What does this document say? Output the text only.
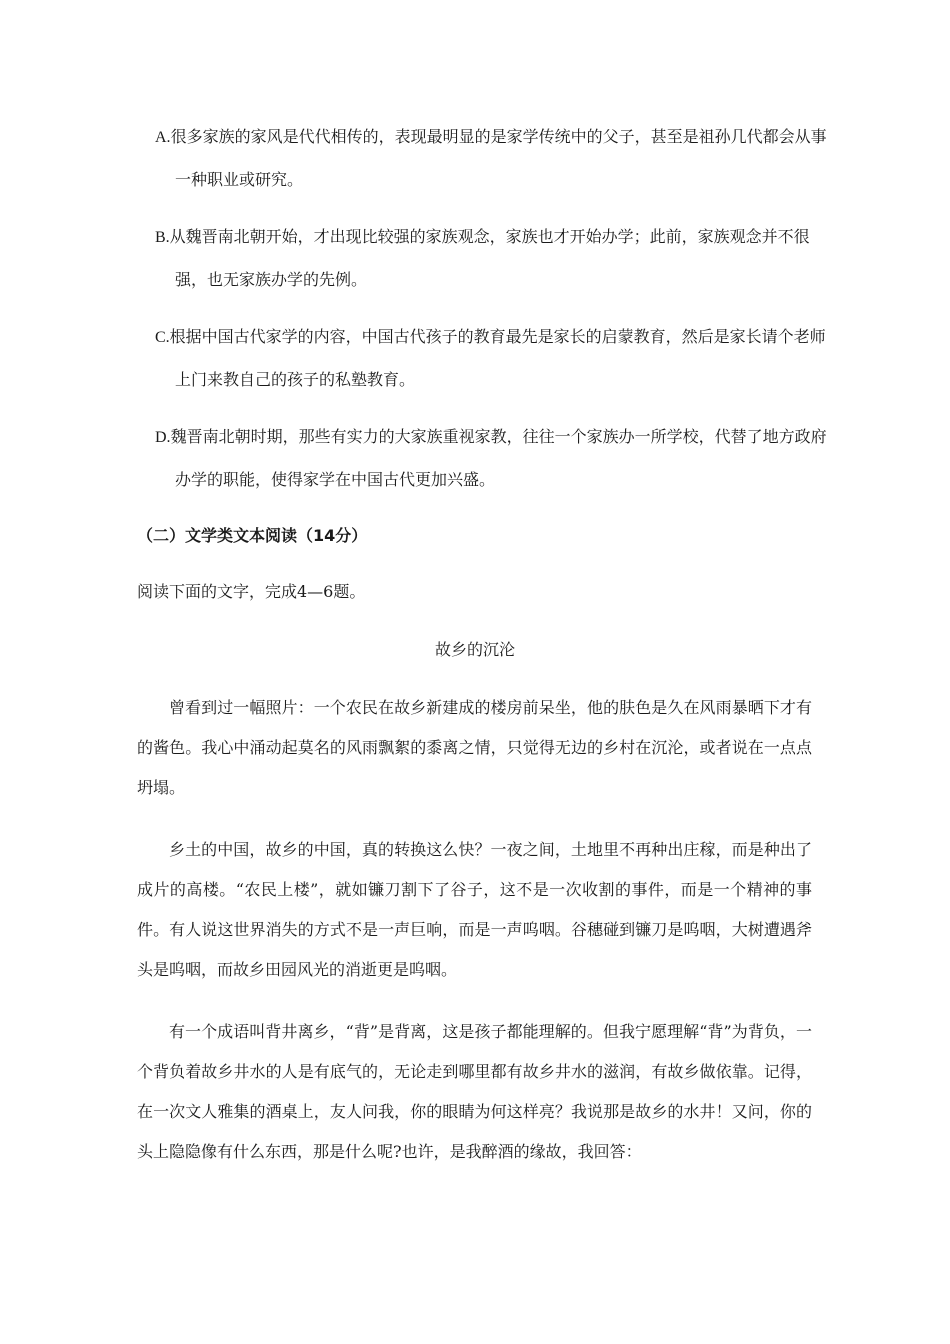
A.很多家族的家风是代代相传的，表现最明显的是家学传统中的父子，甚至是祖孙几代都会从事一种职业或研究。
B.从魏晋南北朝开始，才出现比较强的家族观念，家族也才开始办学；此前，家族观念并不很强，也无家族办学的先例。
C.根据中国古代家学的内容，中国古代孩子的教育最先是家长的启蒙教育，然后是家长请个老师上门来教自己的孩子的私塾教育。
D.魏晋南北朝时期，那些有实力的大家族重视家教，往往一个家族办一所学校，代替了地方政府办学的职能，使得家学在中国古代更加兴盛。
（二）文学类文本阅读（14分）
阅读下面的文字，完成4—6题。
故乡的沉沦

曾看到过一幅照片：一个农民在故乡新建成的楼房前呆坐，他的肤色是久在风雨暴晒下才有的酱色。我心中涌动起莫名的风雨飘絮的黍离之情，只觉得无边的乡村在沉沦，或者说在一点点坍塌。

乡土的中国，故乡的中国，真的转换这么快？一夜之间，土地里不再种出庄稼，而是种出了成片的高楼。“农民上楼”，就如镰刀割下了谷子，这不是一次收割的事件，而是一个精神的事件。有人说这世界消失的方式不是一声巨响，而是一声呜咽。谷穗碰到镰刀是呜咽，大树遭遇斧头是呜咽，而故乡田园风光的消逝更是呜咽。

有一个成语叫背井离乡，“背”是背离，这是孩子都能理解的。但我宁愿理解“背”为背负，一个背负着故乡井水的人是有底气的，无论走到哪里都有故乡井水的滋润，有故乡做依靠。记得，在一次文人雅集的酒桌上，友人问我，你的眼睛为何这样亮？我说那是故乡的水井！又问，你的头上隐隐像有什么东西，那是什么呢?也许，是我醉酒的缘故，我回答：
